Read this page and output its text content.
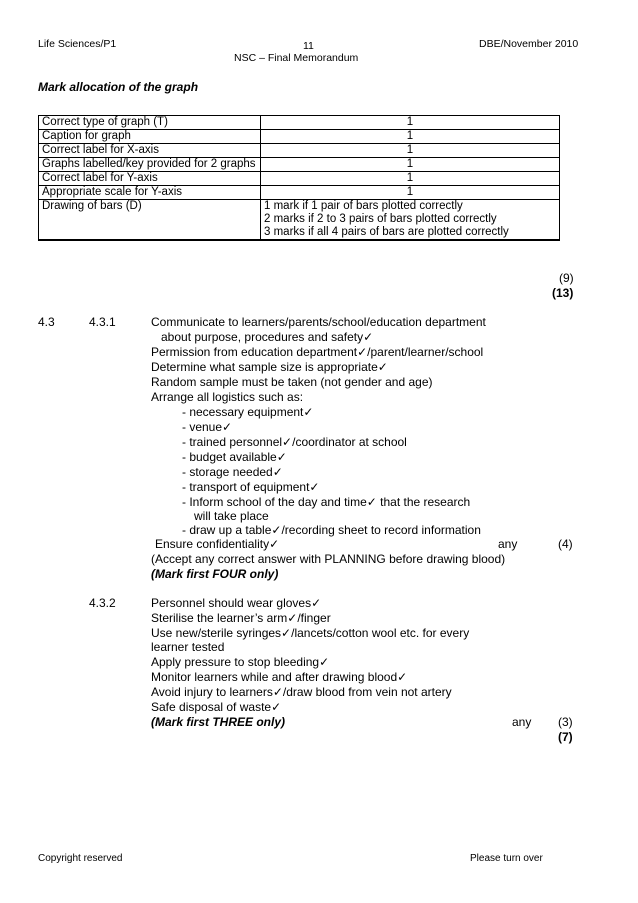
Life Sciences/P1	11	DBE/November 2010
NSC – Final Memorandum
Mark allocation of the graph
Correct type of graph (T)	1
Caption for graph	1
Correct label for X-axis	1
Graphs labelled/key provided for 2 graphs	1
Correct label for Y-axis	1
Appropriate scale for Y-axis	1
Drawing of bars (D)	1 mark if 1 pair of bars plotted correctly
2 marks if 2 to 3 pairs of bars plotted correctly
3 marks if all 4 pairs of bars are plotted correctly
(9)
(13)
4.3	4.3.1	Communicate to learners/parents/school/education department
about purpose, procedures and safety✓
Permission from education department✓/parent/learner/school
Determine what sample size is appropriate✓
Random sample must be taken (not gender and age)
Arrange all logistics such as:
- necessary equipment✓
- venue✓
- trained personnel✓/coordinator at school
- budget available✓
- storage needed✓
- transport of equipment✓
- Inform school of the day and time✓ that the research
will take place
- draw up a table✓/recording sheet to record information
Ensure confidentiality✓	any	(4)
(Accept any correct answer with PLANNING before drawing blood)
(Mark first FOUR only)
4.3.2	Personnel should wear gloves✓
Sterilise the learner’s arm✓/finger
Use new/sterile syringes✓/lancets/cotton wool etc. for every
learner tested
Apply pressure to stop bleeding✓
Monitor learners while and after drawing blood✓
Avoid injury to learners✓/draw blood from vein not artery
Safe disposal of waste✓
(Mark first THREE only)	any (3)
(7)
Copyright reserved	Please turn over
